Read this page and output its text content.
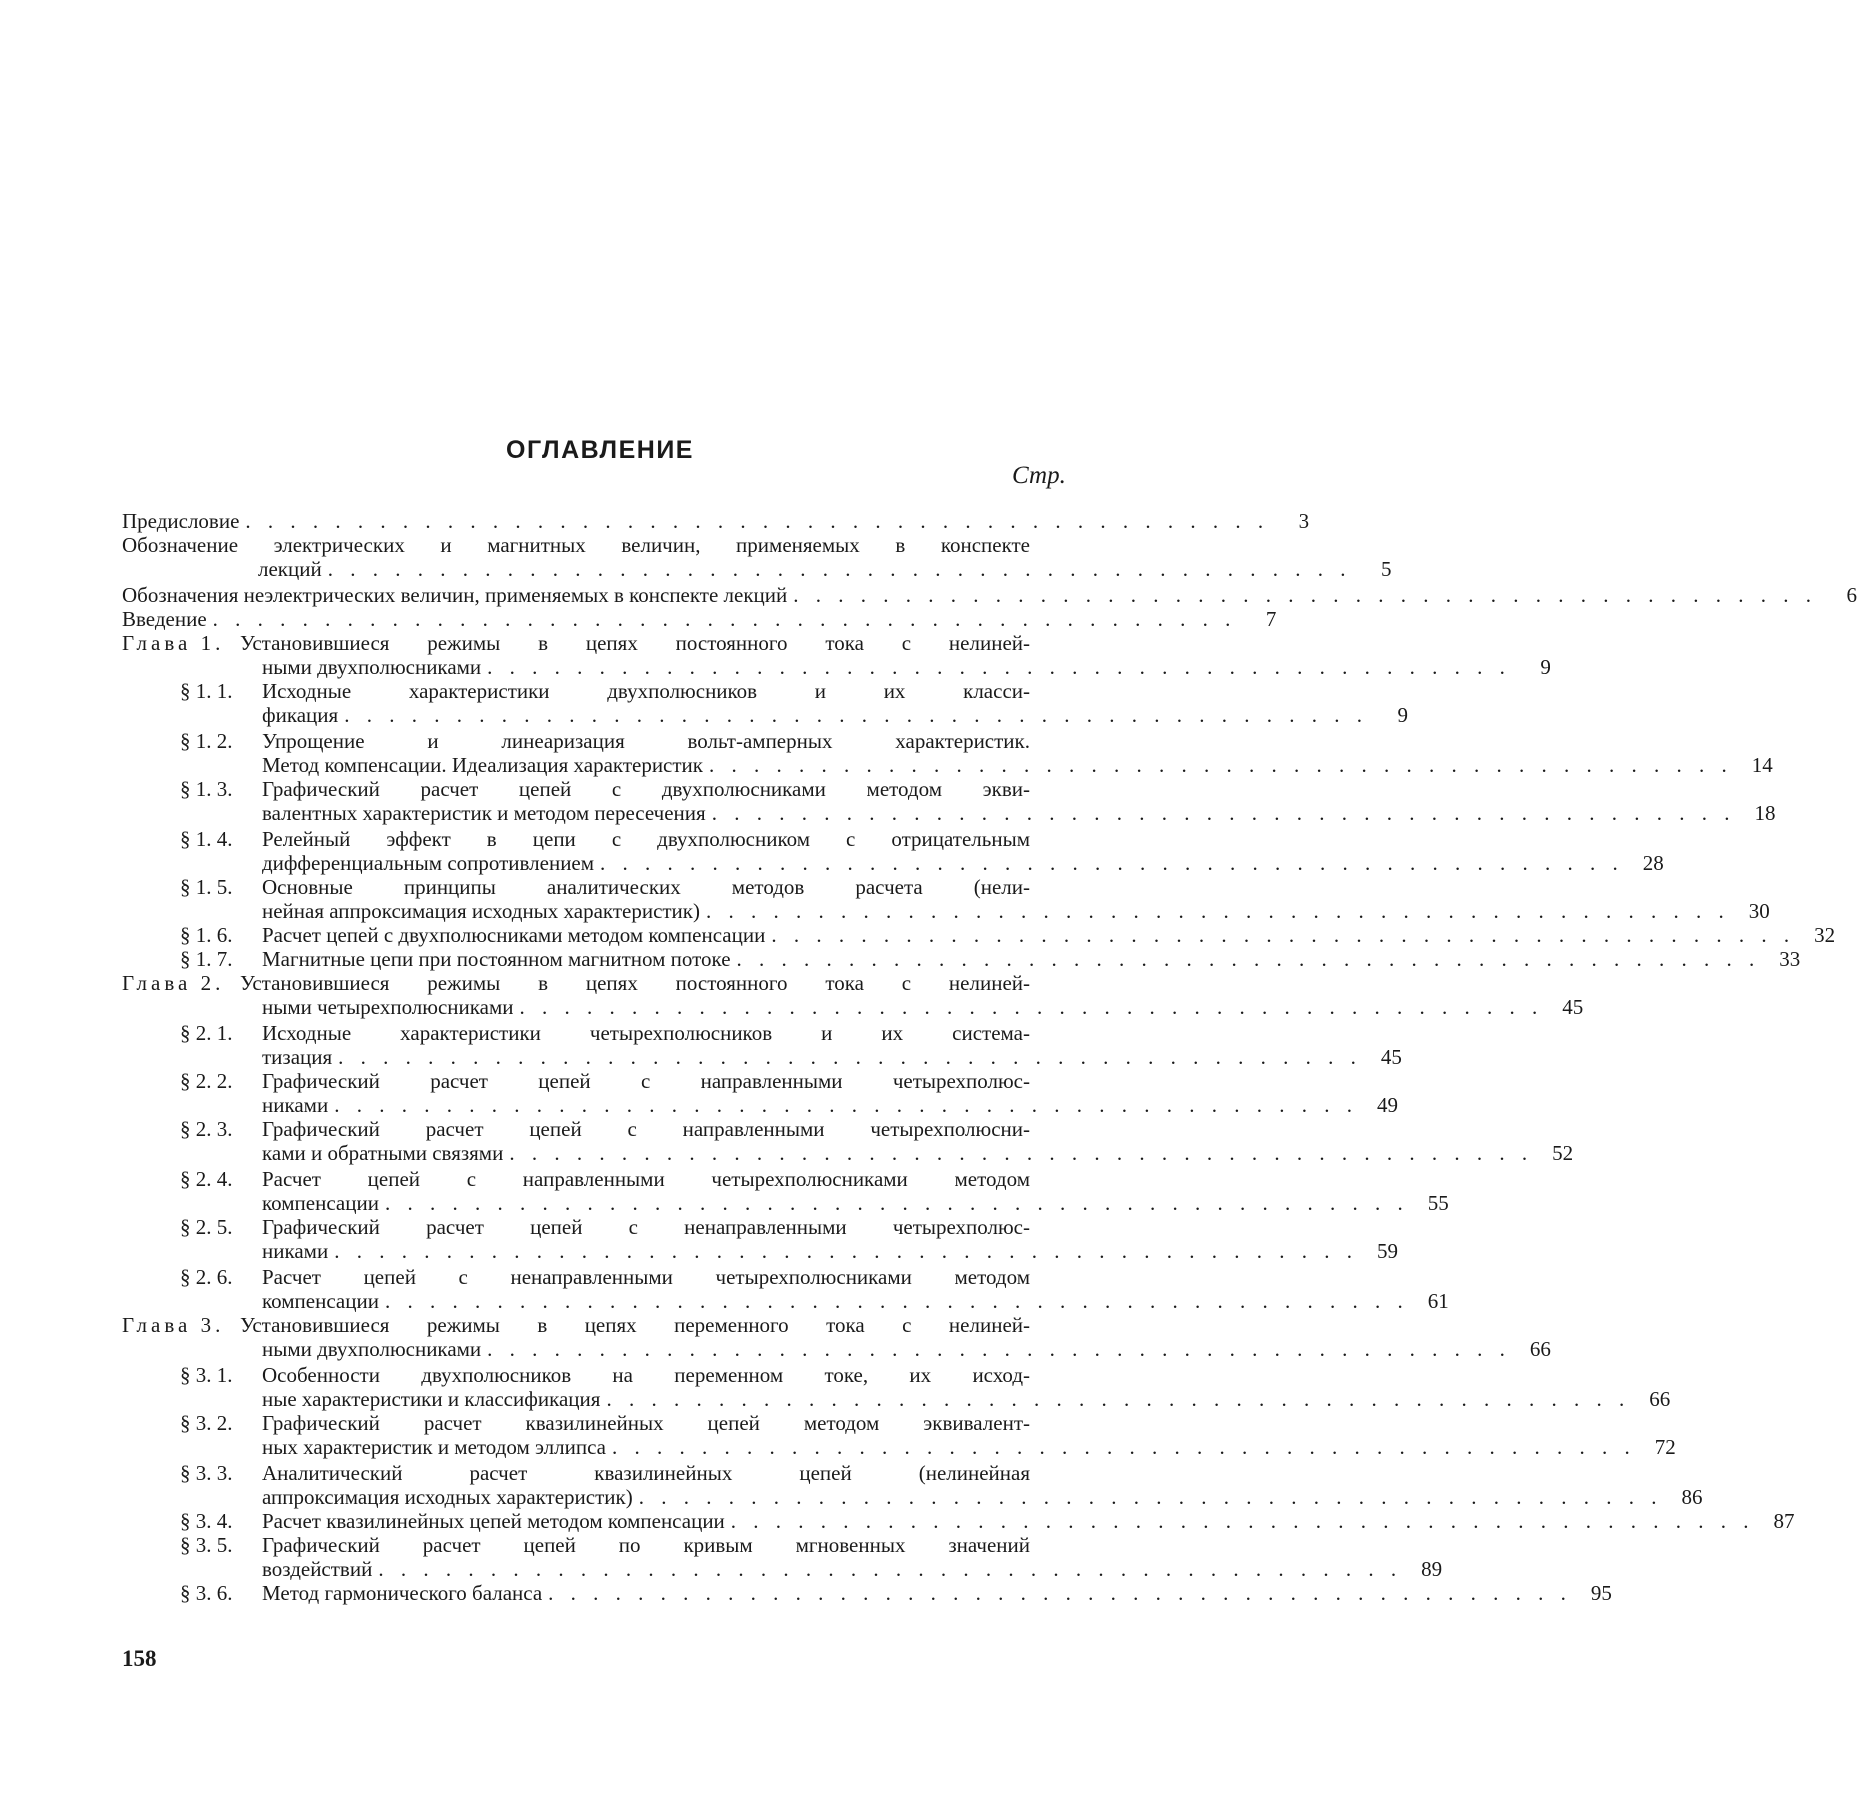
ОГЛАВЛЕНИЕ
Стр.
Предисловие . . . . . . . . . . . . . . . . . . . . . . . . . . . . . . . . . . . . . . . . . . . . . .	3
Обозначение электрических и магнитных величин, применяемых в конспекте
лекций . . . . . . . . . . . . . . . . . . . . . . . . . . . . . . . . . . . . . . . . . . . . . .	5
Обозначения неэлектрических величин, применяемых в конспекте лекций . . . . . . . . . . . . . . . . . . . . . . . . . . . . . . . . . . . . . . . . . . . . . .	6
Введение . . . . . . . . . . . . . . . . . . . . . . . . . . . . . . . . . . . . . . . . . . . . . .	7
Глава 1. Установившиеся режимы в цепях постоянного тока с нелиней-
ными двухполюсниками . . . . . . . . . . . . . . . . . . . . . . . . . . . . . . . . . . . . . . . . . . . . . .	9
§ 1. 1.	Исходные характеристики двухполюсников и их класси-
фикация . . . . . . . . . . . . . . . . . . . . . . . . . . . . . . . . . . . . . . . . . . . . . .	9
§ 1. 2.	Упрощение и линеаризация вольт-амперных характеристик.
Метод компенсации. Идеализация характеристик . . . . . . . . . . . . . . . . . . . . . . . . . . . . . . . . . . . . . . . . . . . . . . 14
§ 1. 3.	Графический расчет цепей с двухполюсниками методом экви-
валентных характеристик и методом пересечения . . . . . . . . . . . . . . . . . . . . . . . . . . . . . . . . . . . . . . . . . . . . . . 18
§ 1. 4.	Релейный эффект в цепи с двухполюсником с отрицательным
дифференциальным сопротивлением . . . . . . . . . . . . . . . . . . . . . . . . . . . . . . . . . . . . . . . . . . . . . . 28
§ 1. 5.	Основные принципы аналитических методов расчета (нели-
нейная аппроксимация исходных характеристик) . . . . . . . . . . . . . . . . . . . . . . . . . . . . . . . . . . . . . . . . . . . . . . 30
§ 1. 6.	Расчет цепей с двухполюсниками методом компенсации . . . . . . . . . . . . . . . . . . . . . . . . . . . . . . . . . . . . . . . . . . . . . . 32
§ 1. 7.	Магнитные цепи при постоянном магнитном потоке . . . . . . . . . . . . . . . . . . . . . . . . . . . . . . . . . . . . . . . . . . . . . . 33
Глава 2. Установившиеся режимы в цепях постоянного тока с нелиней-
ными четырехполюсниками . . . . . . . . . . . . . . . . . . . . . . . . . . . . . . . . . . . . . . . . . . . . . . 45
§ 2. 1.	Исходные характеристики четырехполюсников и их система-
тизация . . . . . . . . . . . . . . . . . . . . . . . . . . . . . . . . . . . . . . . . . . . . . . 45
§ 2. 2.	Графический расчет цепей с направленными четырехполюс-
никами . . . . . . . . . . . . . . . . . . . . . . . . . . . . . . . . . . . . . . . . . . . . . . 49
§ 2. 3.	Графический расчет цепей с направленными четырехполюсни-
ками и обратными связями . . . . . . . . . . . . . . . . . . . . . . . . . . . . . . . . . . . . . . . . . . . . . . 52
§ 2. 4.	Расчет цепей с направленными четырехполюсниками методом
компенсации . . . . . . . . . . . . . . . . . . . . . . . . . . . . . . . . . . . . . . . . . . . . . . 55
§ 2. 5.	Графический расчет цепей с ненаправленными четырехполюс-
никами . . . . . . . . . . . . . . . . . . . . . . . . . . . . . . . . . . . . . . . . . . . . . . 59
§ 2. 6.	Расчет цепей с ненаправленными четырехполюсниками методом
компенсации . . . . . . . . . . . . . . . . . . . . . . . . . . . . . . . . . . . . . . . . . . . . . . 61
Глава 3. Установившиеся режимы в цепях переменного тока с нелиней-
ными двухполюсниками . . . . . . . . . . . . . . . . . . . . . . . . . . . . . . . . . . . . . . . . . . . . . . 66
§ 3. 1.	Особенности двухполюсников на переменном токе, их исход-
ные характеристики и классификация . . . . . . . . . . . . . . . . . . . . . . . . . . . . . . . . . . . . . . . . . . . . . . 66
§ 3. 2.	Графический расчет квазилинейных цепей методом эквивалент-
ных характеристик и методом эллипса . . . . . . . . . . . . . . . . . . . . . . . . . . . . . . . . . . . . . . . . . . . . . . 72
§ 3. 3.	Аналитический расчет квазилинейных цепей (нелинейная
аппроксимация исходных характеристик) . . . . . . . . . . . . . . . . . . . . . . . . . . . . . . . . . . . . . . . . . . . . . . 86
§ 3. 4.	Расчет квазилинейных цепей методом компенсации . . . . . . . . . . . . . . . . . . . . . . . . . . . . . . . . . . . . . . . . . . . . . . 87
§ 3. 5.	Графический расчет цепей по кривым мгновенных значений
воздействий . . . . . . . . . . . . . . . . . . . . . . . . . . . . . . . . . . . . . . . . . . . . . . 89
§ 3. 6.	Метод гармонического баланса . . . . . . . . . . . . . . . . . . . . . . . . . . . . . . . . . . . . . . . . . . . . . . 95
158
